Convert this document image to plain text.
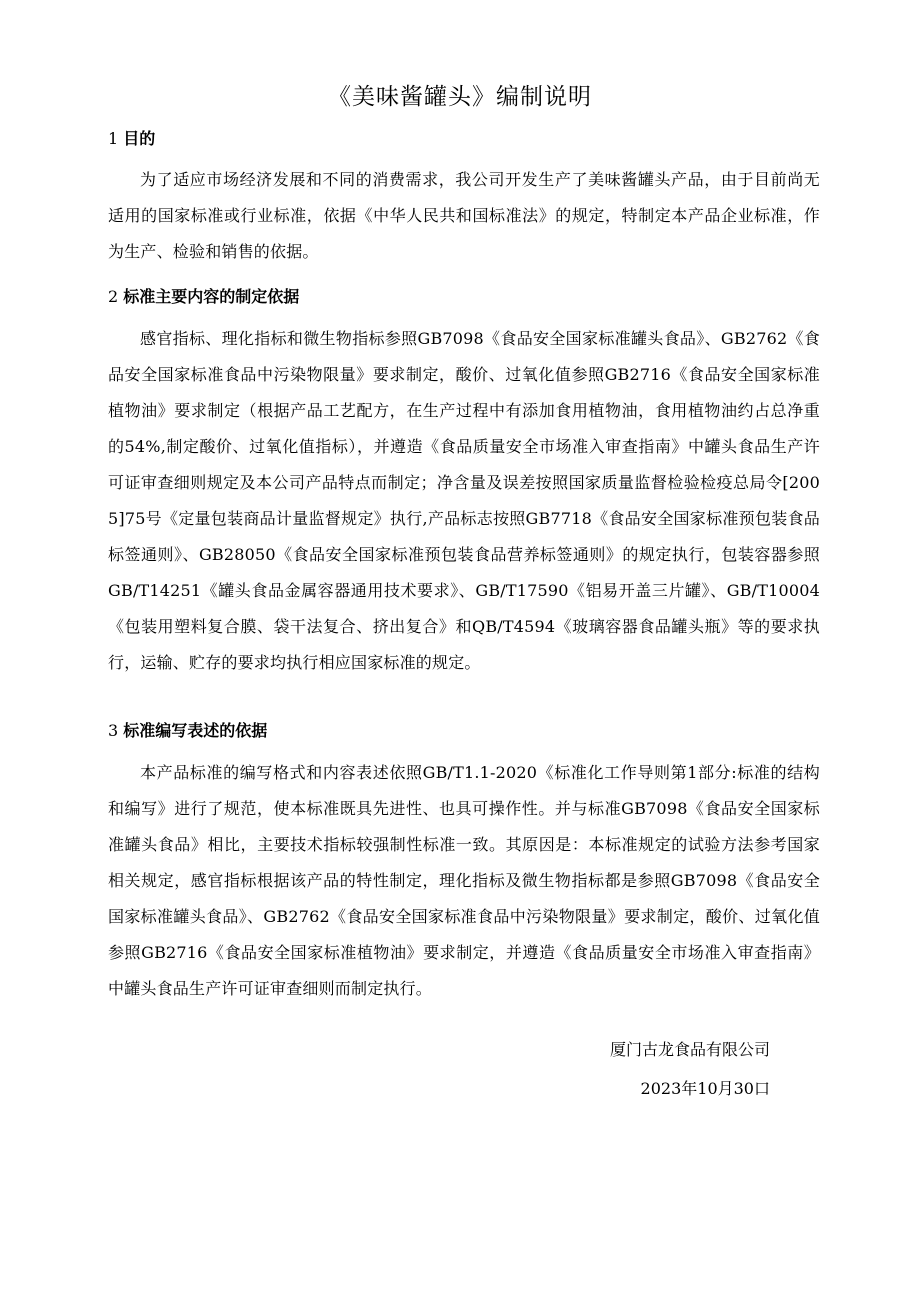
《美味酱罐头》编制说明
1 目的
为了适应市场经济发展和不同的消费需求，我公司开发生产了美味酱罐头产品，由于目前尚无适用的国家标准或行业标准，依据《中华人民共和国标准法》的规定，特制定本产品企业标准，作为生产、检验和销售的依据。
2 标准主要内容的制定依据
感官指标、理化指标和微生物指标参照GB7098《食品安全国家标准罐头食品》、GB2762《食品安全国家标准食品中污染物限量》要求制定，酸价、过氧化值参照GB2716《食品安全国家标准植物油》要求制定（根据产品工艺配方，在生产过程中有添加食用植物油，食用植物油约占总净重的54%,制定酸价、过氧化值指标），并遵造《食品质量安全市场准入审查指南》中罐头食品生产许可证审查细则规定及本公司产品特点而制定；净含量及误差按照国家质量监督检验检疫总局令[2005]75号《定量包装商品计量监督规定》执行,产品标志按照GB7718《食品安全国家标准预包装食品标签通则》、GB28050《食品安全国家标准预包装食品营养标签通则》的规定执行，包装容器参照GB/T14251《罐头食品金属容器通用技术要求》、GB/T17590《铝易开盖三片罐》、GB/T10004《包装用塑料复合膜、袋干法复合、挤出复合》和QB/T4594《玻璃容器食品罐头瓶》等的要求执行，运输、贮存的要求均执行相应国家标准的规定。
3 标准编写表述的依据
本产品标准的编写格式和内容表述依照GB/T1.1-2020《标准化工作导则第1部分:标准的结构和编写》进行了规范，使本标准既具先进性、也具可操作性。并与标准GB7098《食品安全国家标准罐头食品》相比，主要技术指标较强制性标准一致。其原因是：本标准规定的试验方法参考国家相关规定，感官指标根据该产品的特性制定，理化指标及微生物指标都是参照GB7098《食品安全国家标准罐头食品》、GB2762《食品安全国家标准食品中污染物限量》要求制定，酸价、过氧化值参照GB2716《食品安全国家标准植物油》要求制定，并遵造《食品质量安全市场准入审查指南》中罐头食品生产许可证审查细则而制定执行。
厦门古龙食品有限公司
2023年10月30口
